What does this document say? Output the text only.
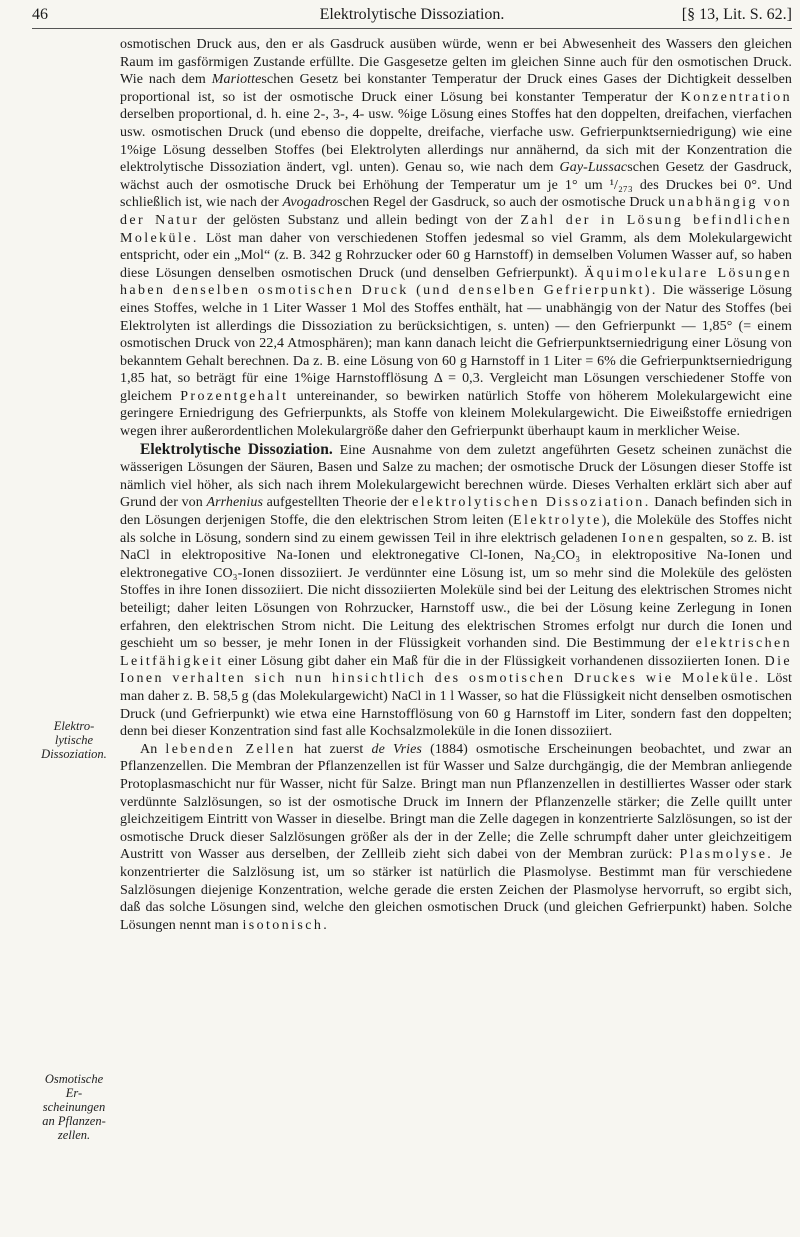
46	Elektrolytische Dissoziation.	[§ 13, Lit. S. 62.]
Elektro-
lytische
Dissoziation.
Osmotische
Er-
scheinungen
an Pflanzen-
zellen.

osmotischen Druck aus, den er als Gasdruck ausüben würde, wenn er bei Abwesenheit des Wassers den gleichen Raum im gasförmigen Zustande erfüllte. Die Gasgesetze gelten im gleichen Sinne auch für den osmotischen Druck. Wie nach dem Mariotteschen Gesetz bei konstanter Temperatur der Druck eines Gases der Dichtigkeit desselben proportional ist, so ist der osmotische Druck einer Lösung bei konstanter Temperatur der Konzentration derselben proportional, d. h. eine 2-, 3-, 4- usw. %ige Lösung eines Stoffes hat den doppelten, dreifachen, vierfachen usw. osmotischen Druck (und ebenso die doppelte, dreifache, vierfache usw. Gefrierpunktserniedrigung) wie eine 1%ige Lösung desselben Stoffes (bei Elektrolyten allerdings nur annähernd, da sich mit der Konzentration die elektrolytische Dissoziation ändert, vgl. unten). Genau so, wie nach dem Gay-Lussacschen Gesetz der Gasdruck, wächst auch der osmotische Druck bei Erhöhung der Temperatur um je 1° um ¹/₂₇₃ des Druckes bei 0°. Und schließlich ist, wie nach der Avogadroschen Regel der Gasdruck, so auch der osmotische Druck unabhängig von der Natur der gelösten Substanz und allein bedingt von der Zahl der in Lösung befindlichen Moleküle. Löst man daher von verschiedenen Stoffen jedesmal so viel Gramm, als dem Molekulargewicht entspricht, oder ein „Mol“ (z. B. 342 g Rohrzucker oder 60 g Harnstoff) in demselben Volumen Wasser auf, so haben diese Lösungen denselben osmotischen Druck (und denselben Gefrierpunkt). Äquimolekulare Lösungen haben denselben osmotischen Druck (und denselben Gefrierpunkt). Die wässerige Lösung eines Stoffes, welche in 1 Liter Wasser 1 Mol des Stoffes enthält, hat — unabhängig von der Natur des Stoffes (bei Elektrolyten ist allerdings die Dissoziation zu berücksichtigen, s. unten) — den Gefrierpunkt — 1,85° (= einem osmotischen Druck von 22,4 Atmosphären); man kann danach leicht die Gefrierpunktserniedrigung einer Lösung von bekanntem Gehalt berechnen. Da z. B. eine Lösung von 60 g Harnstoff in 1 Liter = 6% die Gefrierpunktserniedrigung 1,85 hat, so beträgt für eine 1%ige Harnstofflösung Δ = 0,3. Vergleicht man Lösungen verschiedener Stoffe von gleichem Prozentgehalt untereinander, so bewirken natürlich Stoffe von höherem Molekulargewicht eine geringere Erniedrigung des Gefrierpunkts, als Stoffe von kleinem Molekulargewicht. Die Eiweißstoffe erniedrigen wegen ihrer außerordentlichen Molekulargröße daher den Gefrierpunkt überhaupt kaum in merklicher Weise.

Elektrolytische Dissoziation. Eine Ausnahme von dem zuletzt angeführten Gesetz scheinen zunächst die wässerigen Lösungen der Säuren, Basen und Salze zu machen; der osmotische Druck der Lösungen dieser Stoffe ist nämlich viel höher, als sich nach ihrem Molekulargewicht berechnen würde. Dieses Verhalten erklärt sich aber auf Grund der von Arrhenius aufgestellten Theorie der elektrolytischen Dissoziation. Danach befinden sich in den Lösungen derjenigen Stoffe, die den elektrischen Strom leiten (Elektrolyte), die Moleküle des Stoffes nicht als solche in Lösung, sondern sind zu einem gewissen Teil in ihre elektrisch geladenen Ionen gespalten, so z. B. ist NaCl in elektropositive Na-Ionen und elektronegative Cl-Ionen, Na₂CO₃ in elektropositive Na-Ionen und elektronegative CO₃-Ionen dissoziiert. Je verdünnter eine Lösung ist, um so mehr sind die Moleküle des gelösten Stoffes in ihre Ionen dissoziiert. Die nicht dissoziierten Moleküle sind bei der Leitung des elektrischen Stromes nicht beteiligt; daher leiten Lösungen von Rohrzucker, Harnstoff usw., die bei der Lösung keine Zerlegung in Ionen erfahren, den elektrischen Strom nicht. Die Leitung des elektrischen Stromes erfolgt nur durch die Ionen und geschieht um so besser, je mehr Ionen in der Flüssigkeit vorhanden sind. Die Bestimmung der elektrischen Leitfähigkeit einer Lösung gibt daher ein Maß für die in der Flüssigkeit vorhandenen dissoziierten Ionen. Die Ionen verhalten sich nun hinsichtlich des osmotischen Druckes wie Moleküle. Löst man daher z. B. 58,5 g (das Molekulargewicht) NaCl in 1 l Wasser, so hat die Flüssigkeit nicht denselben osmotischen Druck (und Gefrierpunkt) wie etwa eine Harnstofflösung von 60 g Harnstoff im Liter, sondern fast den doppelten; denn bei dieser Konzentration sind fast alle Kochsalzmoleküle in die Ionen dissoziiert.

An lebenden Zellen hat zuerst de Vries (1884) osmotische Erscheinungen beobachtet, und zwar an Pflanzenzellen. Die Membran der Pflanzenzellen ist für Wasser und Salze durchgängig, die der Membran anliegende Protoplasmaschicht nur für Wasser, nicht für Salze. Bringt man nun Pflanzenzellen in destilliertes Wasser oder stark verdünnte Salzlösungen, so ist der osmotische Druck im Innern der Pflanzenzelle stärker; die Zelle quillt unter gleichzeitigem Eintritt von Wasser in dieselbe. Bringt man die Zelle dagegen in konzentrierte Salzlösungen, so ist der osmotische Druck dieser Salzlösungen größer als der in der Zelle; die Zelle schrumpft daher unter gleichzeitigem Austritt von Wasser aus derselben, der Zellleib zieht sich dabei von der Membran zurück: Plasmolyse. Je konzentrierter die Salzlösung ist, um so stärker ist natürlich die Plasmolyse. Bestimmt man für verschiedene Salzlösungen diejenige Konzentration, welche gerade die ersten Zeichen der Plasmolyse hervorruft, so ergibt sich, daß das solche Lösungen sind, welche den gleichen osmotischen Druck (und gleichen Gefrierpunkt) haben. Solche Lösungen nennt man isotonisch.
